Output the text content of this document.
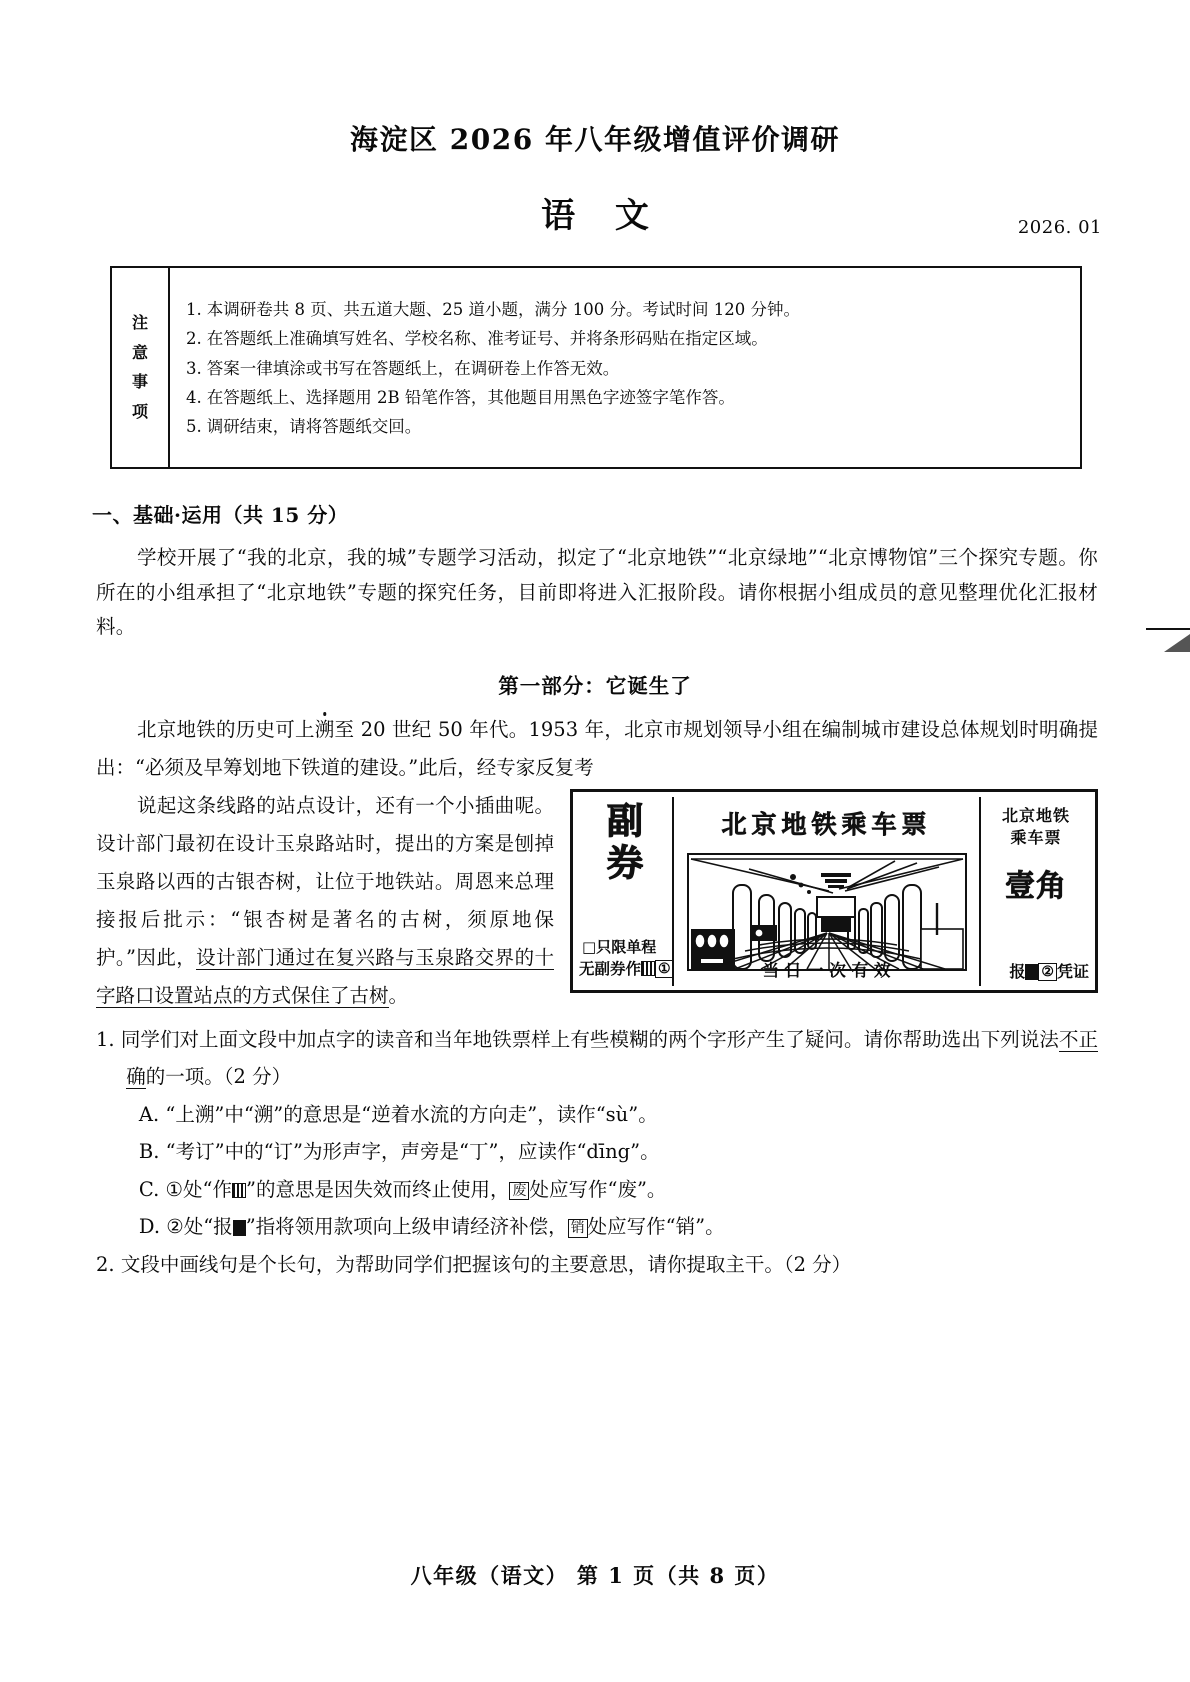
海淀区 2026 年八年级增值评价调研
语 文	2026. 01
注
意
事
项
1. 本调研卷共 8 页、共五道大题、25 道小题，满分 100 分。考试时间 120 分钟。
2. 在答题纸上准确填写姓名、学校名称、准考证号、并将条形码贴在指定区域。
3. 答案一律填涂或书写在答题纸上，在调研卷上作答无效。
4. 在答题纸上、选择题用 2B 铅笔作答，其他题目用黑色字迹签字笔作答。
5. 调研结束，请将答题纸交回。
一、基础·运用（共 15 分）
学校开展了“我的北京，我的城”专题学习活动，拟定了“北京地铁”“北京绿地”“北京博物馆”三个探究专题。你所在的小组承担了“北京地铁”专题的探究任务，目前即将进入汇报阶段。请你根据小组成员的意见整理优化汇报材料。
第一部分：它诞生了
北京地铁的历史可上溯至 20 世纪 50 年代。1953 年，北京市规划领导小组在编制城市建设总体规划时明确提出：“必须及早筹划地下铁道的建设。”此后，经专家反复考
副
券
□只限单程
无副券作 ①
北京地铁乘车票
当 日 一 次 有 效
北京地铁
乘车票
壹角
报 ② 凭证

说起这条线路的站点设计，还有一个小插曲呢。设计部门最初在设计玉泉路站时，提出的方案是刨掉玉泉路以西的古银杏树，让位于地铁站。周恩来总理接报后批示：“银杏树是著名的古树，须原地保护。”因此，设计部门通过在复兴路与玉泉路交界的十字路口设置站点的方式保住了古树。

1. 同学们对上面文段中加点字的读音和当年地铁票样上有些模糊的两个字形产生了疑问。请你帮助选出下列说法不正确的一项。（2 分）
A. “上溯”中“溯”的意思是“逆着水流的方向走”，读作“sù”。
B. “考订”中的“订”为形声字，声旁是“丁”，应读作“dīng”。
C. ①处“作 ”的意思是因失效而终止使用， 废 处应写作“废”。
D. ②处“报 ”指将领用款项向上级申请经济补偿， 销 处应写作“销”。
2. 文段中画线句是个长句，为帮助同学们把握该句的主要意思，请你提取主干。（2 分）
八年级（语文） 第 1 页（共 8 页）
